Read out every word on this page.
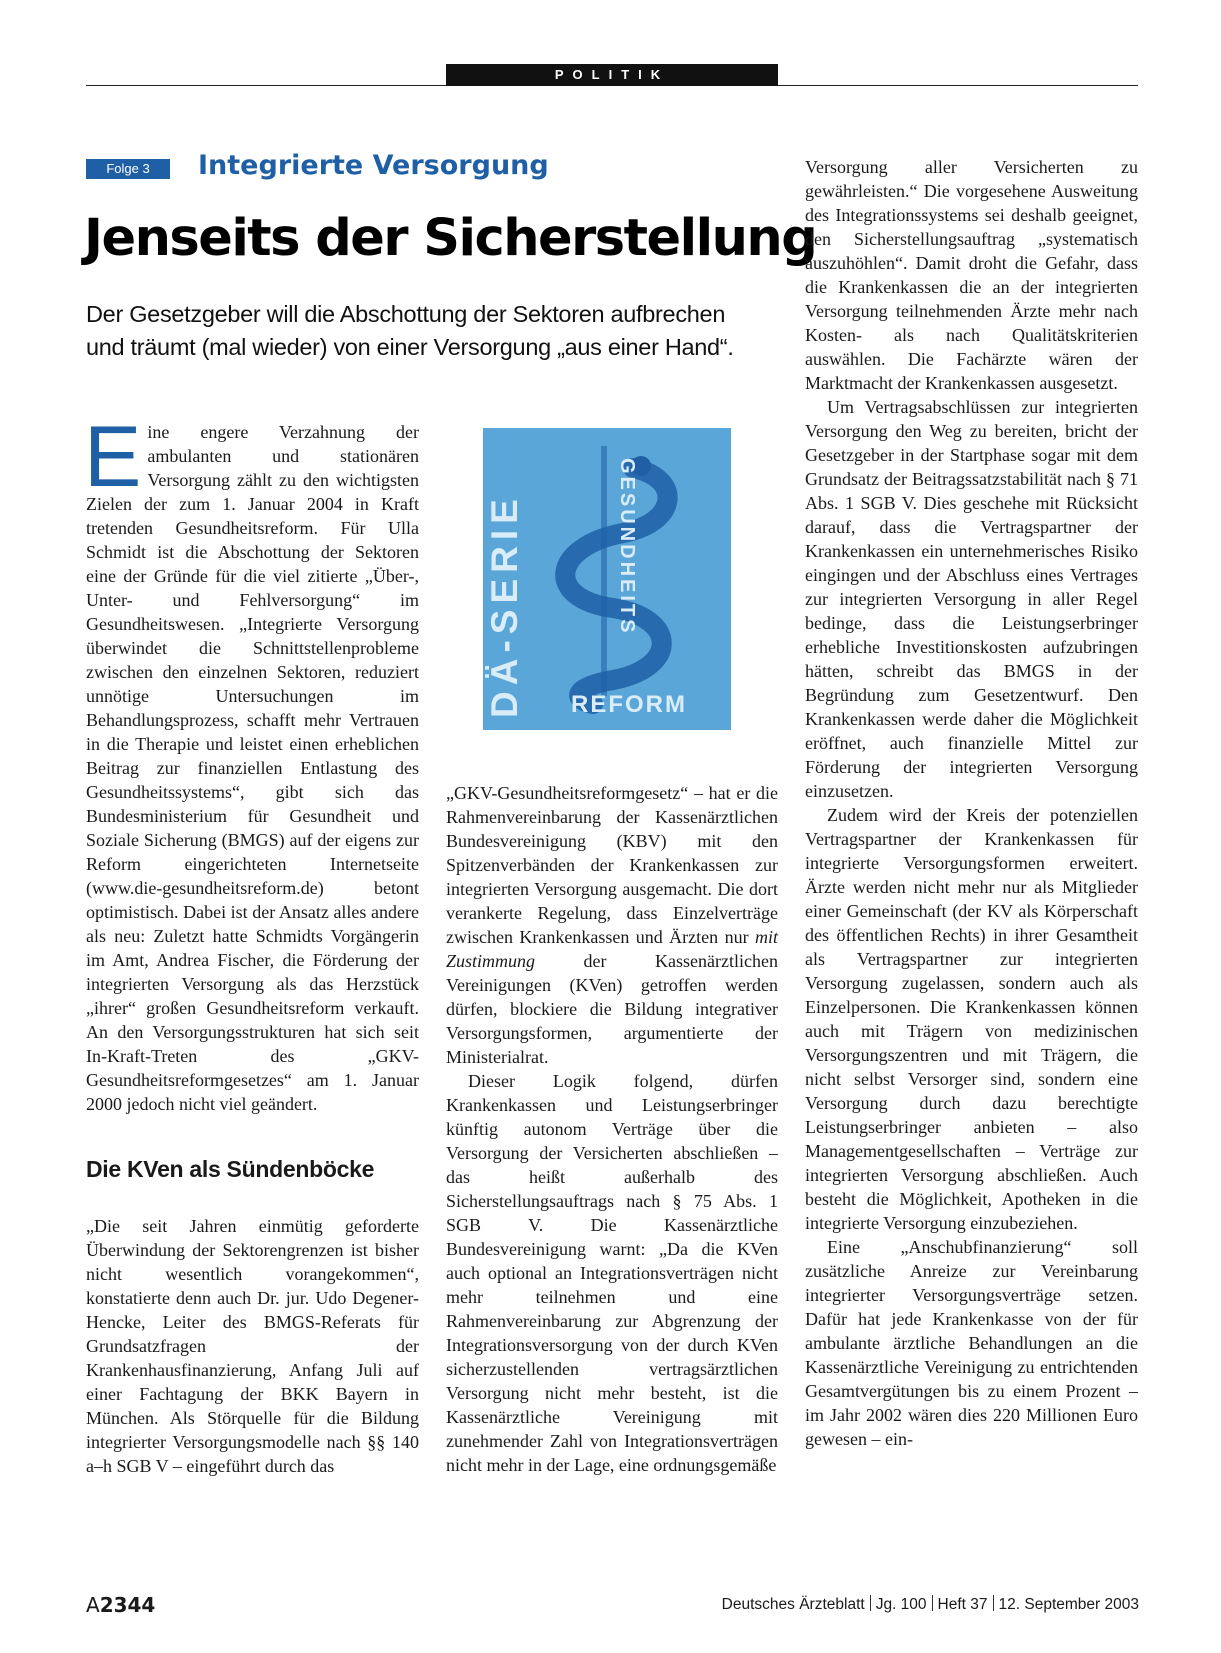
POLITIK
Folge 3	Integrierte Versorgung
Jenseits der Sicherstellung
Der Gesetzgeber will die Abschottung der Sektoren aufbrechen
und träumt (mal wieder) von einer Versorgung „aus einer Hand“.

Eine engere Verzahnung der ambulanten und stationären Versorgung zählt zu den wichtigsten Zielen der zum 1. Januar 2004 in Kraft tretenden Gesundheitsreform. Für Ulla Schmidt ist die Abschottung der Sektoren eine der Gründe für die viel zitierte „Über-, Unter- und Fehlversorgung“ im Gesundheitswesen. „Integrierte Versorgung überwindet die Schnittstellenprobleme zwischen den einzelnen Sektoren, reduziert unnötige Untersuchungen im Behandlungsprozess, schafft mehr Vertrauen in die Therapie und leistet einen erheblichen Beitrag zur finanziellen Entlastung des Gesundheitssystems“, gibt sich das Bundesministerium für Gesundheit und Soziale Sicherung (BMGS) auf der eigens zur Reform eingerichteten Internetseite (www.die-gesundheitsreform.de) betont optimistisch. Dabei ist der Ansatz alles andere als neu: Zuletzt hatte Schmidts Vorgängerin im Amt, Andrea Fischer, die Förderung der integrierten Versorgung als das Herzstück „ihrer“ großen Gesundheitsreform verkauft. An den Versorgungsstrukturen hat sich seit In-Kraft-Treten des „GKV-Gesundheitsreformgesetzes“ am 1. Januar 2000 jedoch nicht viel geändert.

Die KVen als Sündenböcke

„Die seit Jahren einmütig geforderte Überwindung der Sektorengrenzen ist bisher nicht wesentlich vorangekommen“, konstatierte denn auch Dr. jur. Udo Degener-Hencke, Leiter des BMGS-Referats für Grundsatzfragen der Krankenhausfinanzierung, Anfang Juli auf einer Fachtagung der BKK Bayern in München. Als Störquelle für die Bildung integrierter Versorgungsmodelle nach §§ 140 a–h SGB V – eingeführt durch das

„GKV-Gesundheitsreformgesetz“ – hat er die Rahmenvereinbarung der Kassenärztlichen Bundesvereinigung (KBV) mit den Spitzenverbänden der Krankenkassen zur integrierten Versorgung ausgemacht. Die dort verankerte Regelung, dass Einzelverträge zwischen Krankenkassen und Ärzten nur mit Zustimmung der Kassenärztlichen Vereinigungen (KVen) getroffen werden dürfen, blockiere die Bildung integrativer Versorgungsformen, argumentierte der Ministerialrat.

Dieser Logik folgend, dürfen Krankenkassen und Leistungserbringer künftig autonom Verträge über die Versorgung der Versicherten abschließen – das heißt außerhalb des Sicherstellungsauftrags nach § 75 Abs. 1 SGB V. Die Kassenärztliche Bundesvereinigung warnt: „Da die KVen auch optional an Integrationsverträgen nicht mehr teilnehmen und eine Rahmenvereinbarung zur Abgrenzung der Integrationsversorgung von der durch KVen sicherzustellenden vertragsärztlichen Versorgung nicht mehr besteht, ist die Kassenärztliche Vereinigung mit zunehmender Zahl von Integrationsverträgen nicht mehr in der Lage, eine ordnungsgemäße

Versorgung aller Versicherten zu gewährleisten.“ Die vorgesehene Ausweitung des Integrationssystems sei deshalb geeignet, den Sicherstellungsauftrag „systematisch auszuhöhlen“. Damit droht die Gefahr, dass die Krankenkassen die an der integrierten Versorgung teilnehmenden Ärzte mehr nach Kosten- als nach Qualitätskriterien auswählen. Die Fachärzte wären der Marktmacht der Krankenkassen ausgesetzt.

Um Vertragsabschlüssen zur integrierten Versorgung den Weg zu bereiten, bricht der Gesetzgeber in der Startphase sogar mit dem Grundsatz der Beitragssatzstabilität nach § 71 Abs. 1 SGB V. Dies geschehe mit Rücksicht darauf, dass die Vertragspartner der Krankenkassen ein unternehmerisches Risiko eingingen und der Abschluss eines Vertrages zur integrierten Versorgung in aller Regel bedinge, dass die Leistungserbringer erhebliche Investitionskosten aufzubringen hätten, schreibt das BMGS in der Begründung zum Gesetzentwurf. Den Krankenkassen werde daher die Möglichkeit eröffnet, auch finanzielle Mittel zur Förderung der integrierten Versorgung einzusetzen.

Zudem wird der Kreis der potenziellen Vertragspartner der Krankenkassen für integrierte Versorgungsformen erweitert. Ärzte werden nicht mehr nur als Mitglieder einer Gemeinschaft (der KV als Körperschaft des öffentlichen Rechts) in ihrer Gesamtheit als Vertragspartner zur integrierten Versorgung zugelassen, sondern auch als Einzelpersonen. Die Krankenkassen können auch mit Trägern von medizinischen Versorgungszentren und mit Trägern, die nicht selbst Versorger sind, sondern eine Versorgung durch dazu berechtigte Leistungserbringer anbieten – also Managementgesellschaften – Verträge zur integrierten Versorgung abschließen. Auch besteht die Möglichkeit, Apotheken in die integrierte Versorgung einzubeziehen.

Eine „Anschubfinanzierung“ soll zusätzliche Anreize zur Vereinbarung integrierter Versorgungsverträge setzen. Dafür hat jede Krankenkasse von der für ambulante ärztliche Behandlungen an die Kassenärztliche Vereinigung zu entrichtenden Gesamtvergütungen bis zu einem Prozent – im Jahr 2002 wären dies 220 Millionen Euro gewesen – ein-

DÄ-SERIE	GESUNDHEITS
REFORM
A2344	Deutsches Ärzteblatt Jg. 100 Heft 37 12. September 2003
